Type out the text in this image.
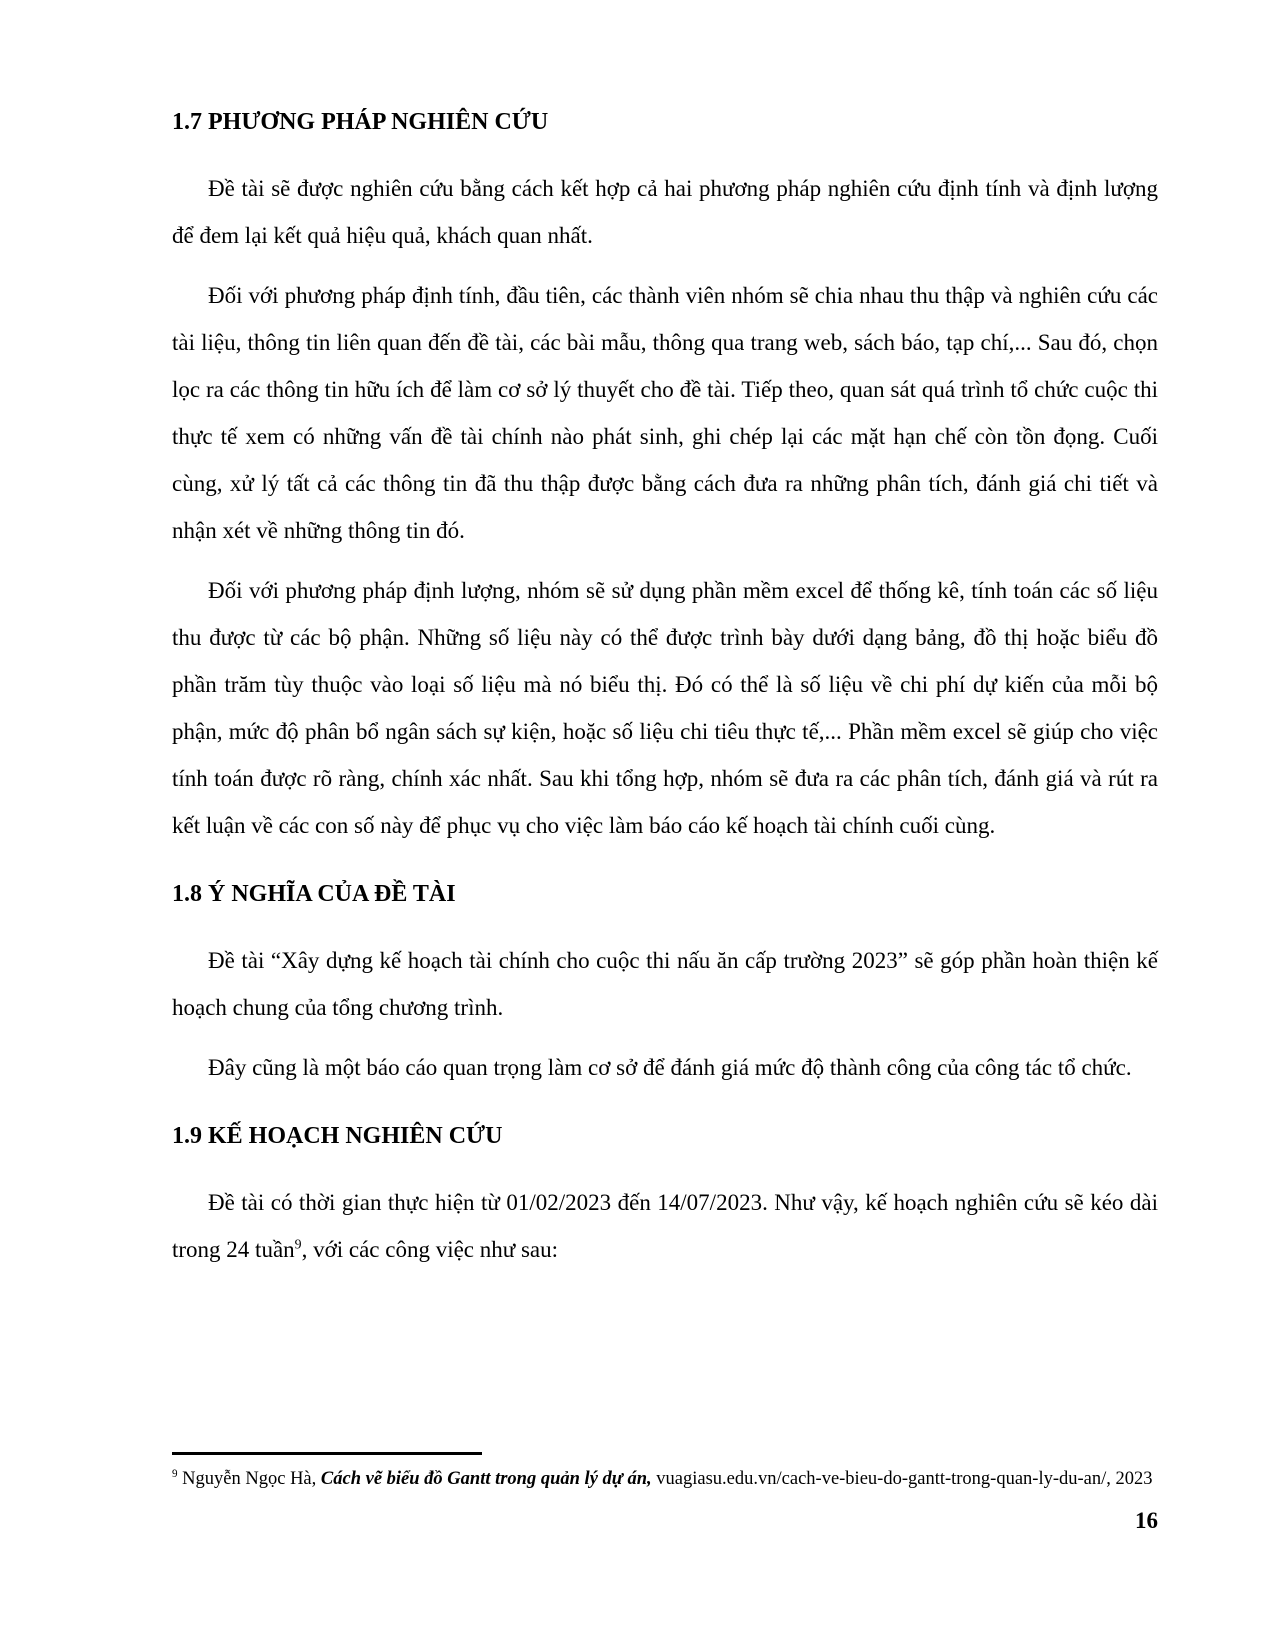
1.7 PHƯƠNG PHÁP NGHIÊN CỨU

Đề tài sẽ được nghiên cứu bằng cách kết hợp cả hai phương pháp nghiên cứu định tính và định lượng để đem lại kết quả hiệu quả, khách quan nhất.

Đối với phương pháp định tính, đầu tiên, các thành viên nhóm sẽ chia nhau thu thập và nghiên cứu các tài liệu, thông tin liên quan đến đề tài, các bài mẫu, thông qua trang web, sách báo, tạp chí,... Sau đó, chọn lọc ra các thông tin hữu ích để làm cơ sở lý thuyết cho đề tài. Tiếp theo, quan sát quá trình tổ chức cuộc thi thực tế xem có những vấn đề tài chính nào phát sinh, ghi chép lại các mặt hạn chế còn tồn đọng. Cuối cùng, xử lý tất cả các thông tin đã thu thập được bằng cách đưa ra những phân tích, đánh giá chi tiết và nhận xét về những thông tin đó.

Đối với phương pháp định lượng, nhóm sẽ sử dụng phần mềm excel để thống kê, tính toán các số liệu thu được từ các bộ phận. Những số liệu này có thể được trình bày dưới dạng bảng, đồ thị hoặc biểu đồ phần trăm tùy thuộc vào loại số liệu mà nó biểu thị. Đó có thể là số liệu về chi phí dự kiến của mỗi bộ phận, mức độ phân bổ ngân sách sự kiện, hoặc số liệu chi tiêu thực tế,... Phần mềm excel sẽ giúp cho việc tính toán được rõ ràng, chính xác nhất. Sau khi tổng hợp, nhóm sẽ đưa ra các phân tích, đánh giá và rút ra kết luận về các con số này để phục vụ cho việc làm báo cáo kế hoạch tài chính cuối cùng.

1.8 Ý NGHĨA CỦA ĐỀ TÀI

Đề tài “Xây dựng kế hoạch tài chính cho cuộc thi nấu ăn cấp trường 2023” sẽ góp phần hoàn thiện kế hoạch chung của tổng chương trình.

Đây cũng là một báo cáo quan trọng làm cơ sở để đánh giá mức độ thành công của công tác tổ chức.

1.9 KẾ HOẠCH NGHIÊN CỨU

Đề tài có thời gian thực hiện từ 01/02/2023 đến 14/07/2023. Như vậy, kế hoạch nghiên cứu sẽ kéo dài trong 24 tuần$^9$, với các công việc như sau:

$^9$ Nguyễn Ngọc Hà, Cách vẽ biểu đồ Gantt trong quản lý dự án, vuagiasu.edu.vn/cach-ve-bieu-do-gantt-trong-quan-ly-du-an/, 2023
16
